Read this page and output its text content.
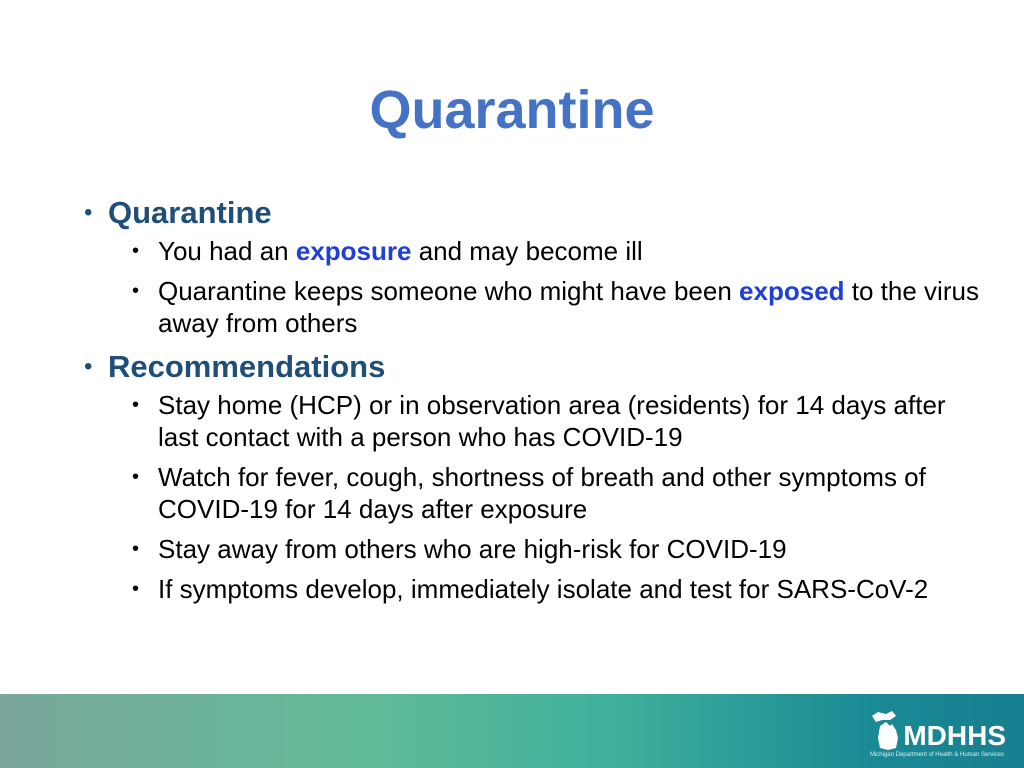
Quarantine
• Quarantine
• You had an exposure and may become ill
• Quarantine keeps someone who might have been exposed to the virus away from others
• Recommendations
• Stay home (HCP) or in observation area (residents) for 14 days after last contact with a person who has COVID-19
• Watch for fever, cough, shortness of breath and other symptoms of COVID-19 for 14 days after exposure
• Stay away from others who are high-risk for COVID-19
• If symptoms develop, immediately isolate and test for SARS-CoV-2
MDHHS
Michigan Department of Health & Human Services
